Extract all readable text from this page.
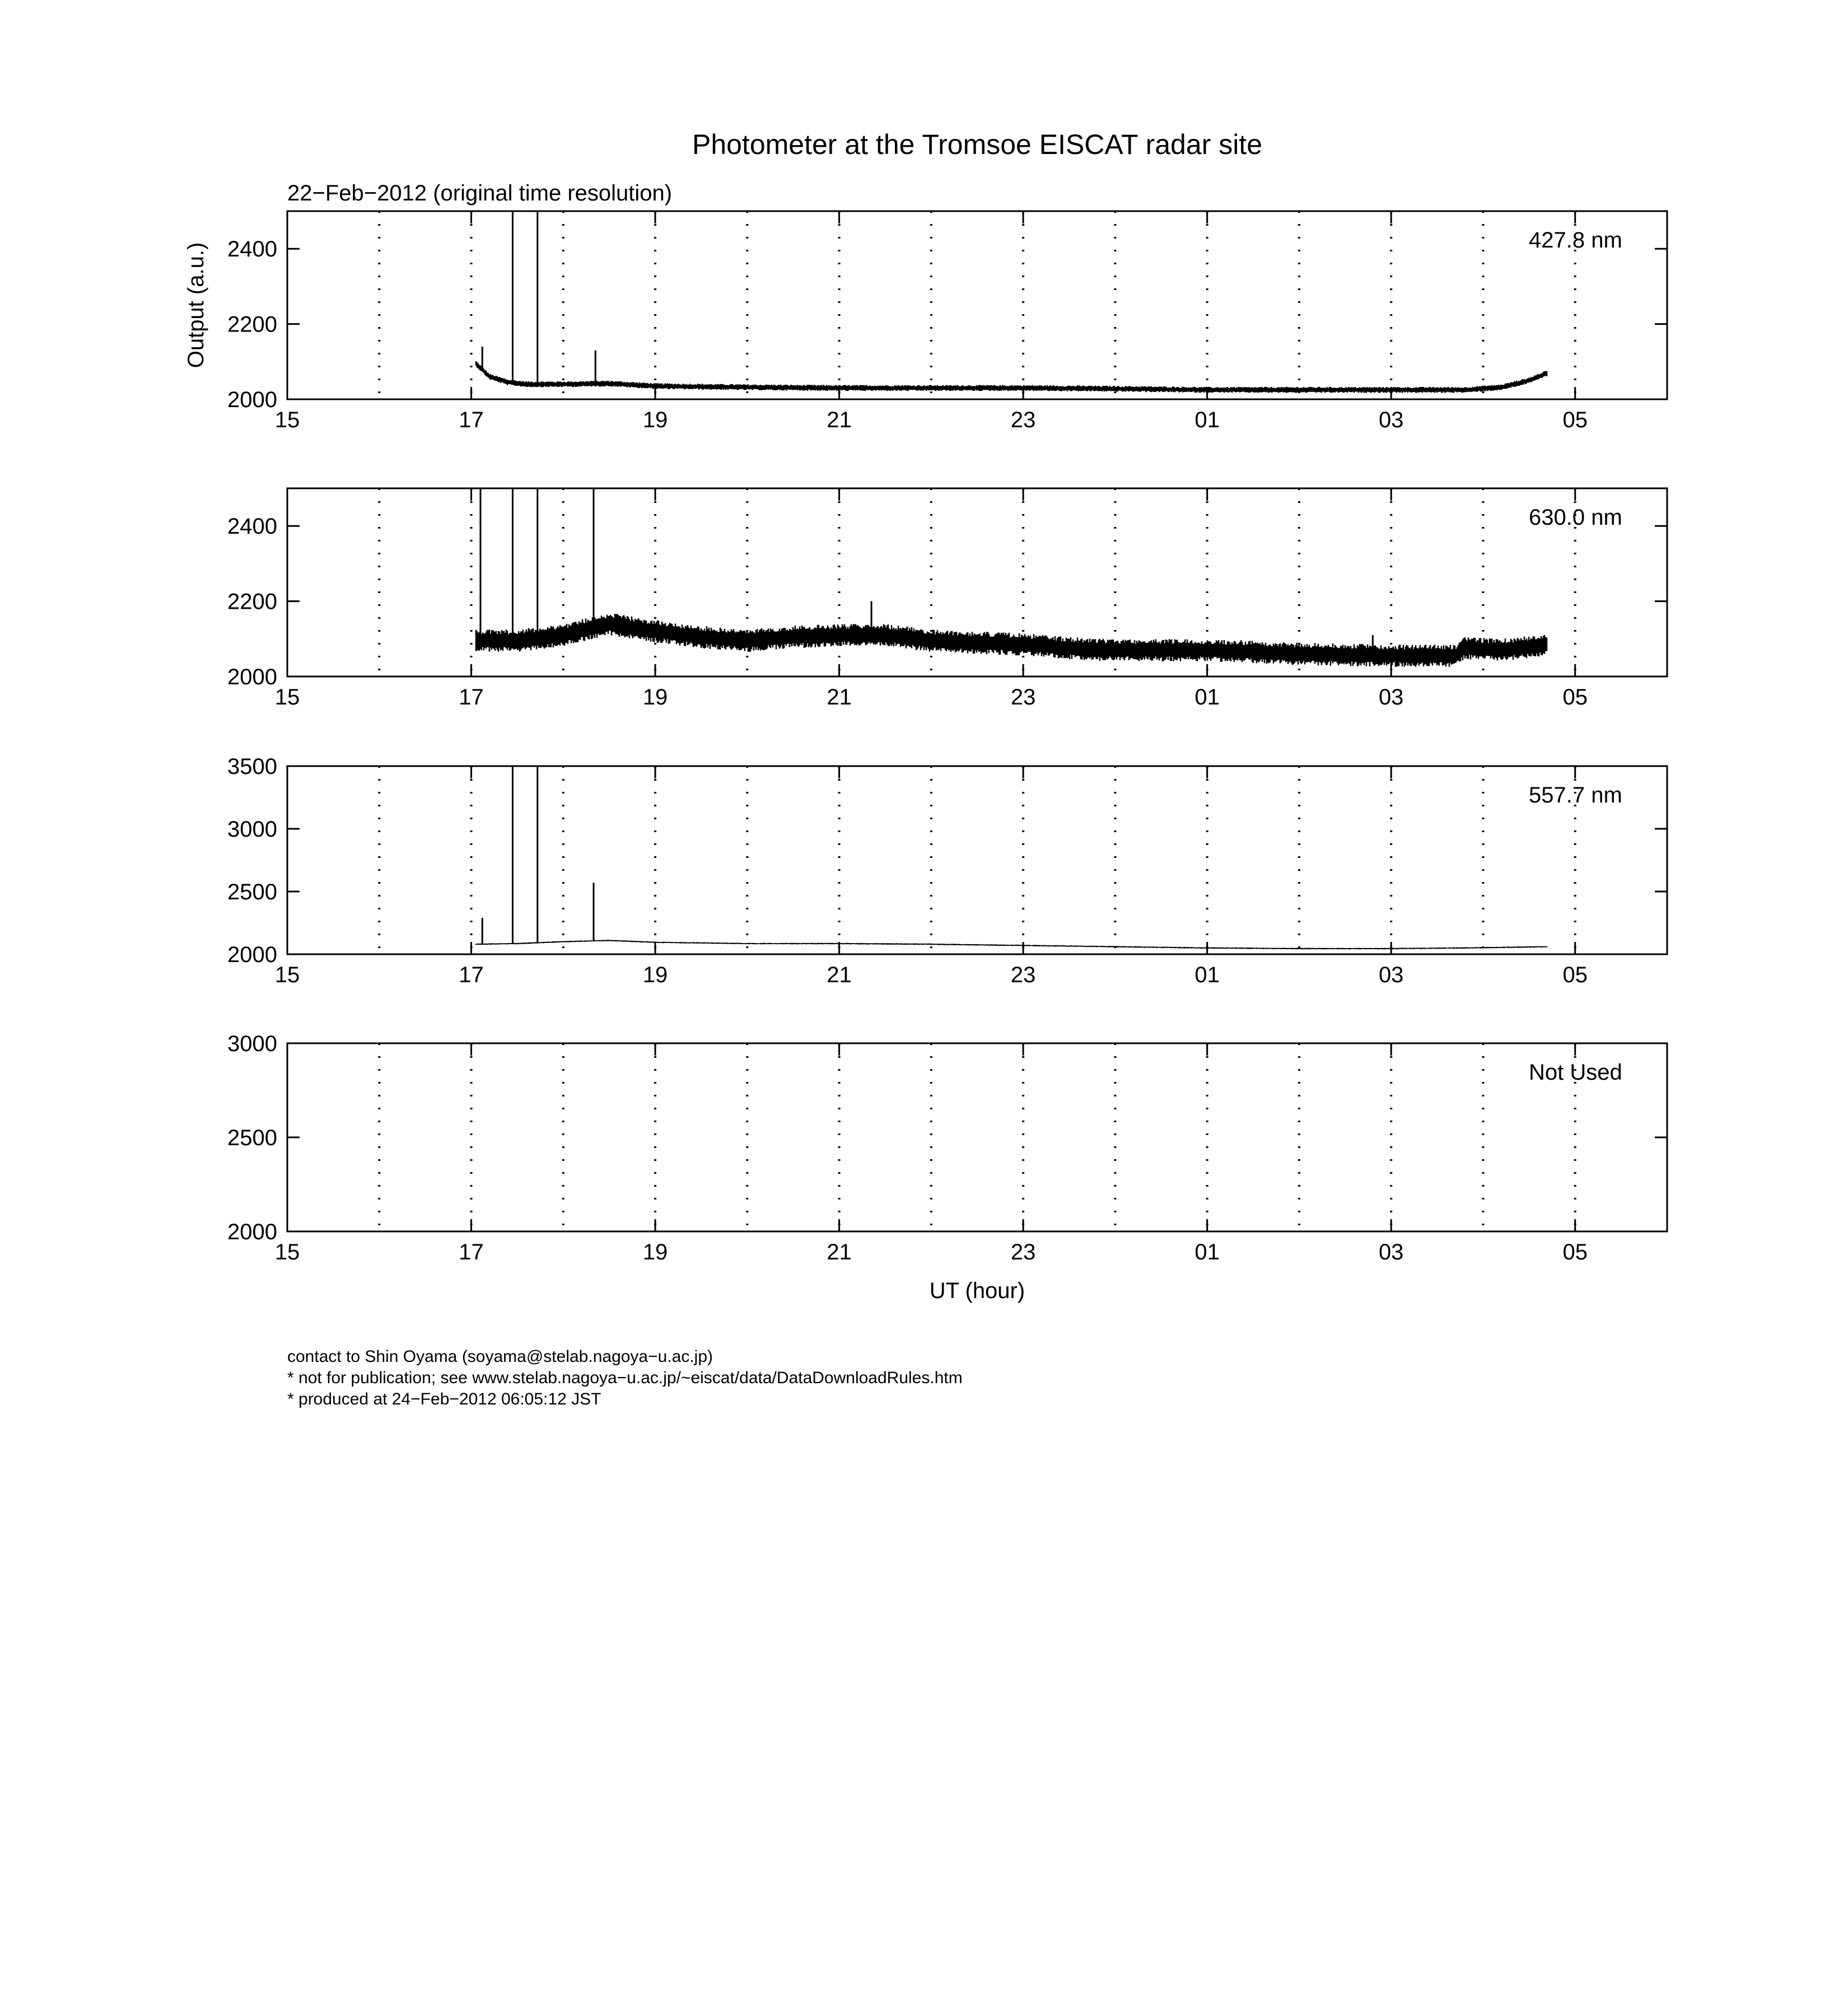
Photometer at the Tromsoe EISCAT radar site
22−Feb−2012 (original time resolution)
Output (a.u.)
UT (hour)
2000
2200
2400
15	17	19	21	23	01	03	05
427.8 nm
2000
2200
2400
15	17	19	21	23	01	03	05
630.0 nm
2000
2500
3000
3500
15	17	19	21	23	01	03	05
557.7 nm
2000
2500
3000
15	17	19	21	23	01	03	05
Not Used
contact to Shin Oyama (soyama@stelab.nagoya−u.ac.jp)
* not for publication; see www.stelab.nagoya−u.ac.jp/~eiscat/data/DataDownloadRules.htm
* produced at 24−Feb−2012 06:05:12 JST
